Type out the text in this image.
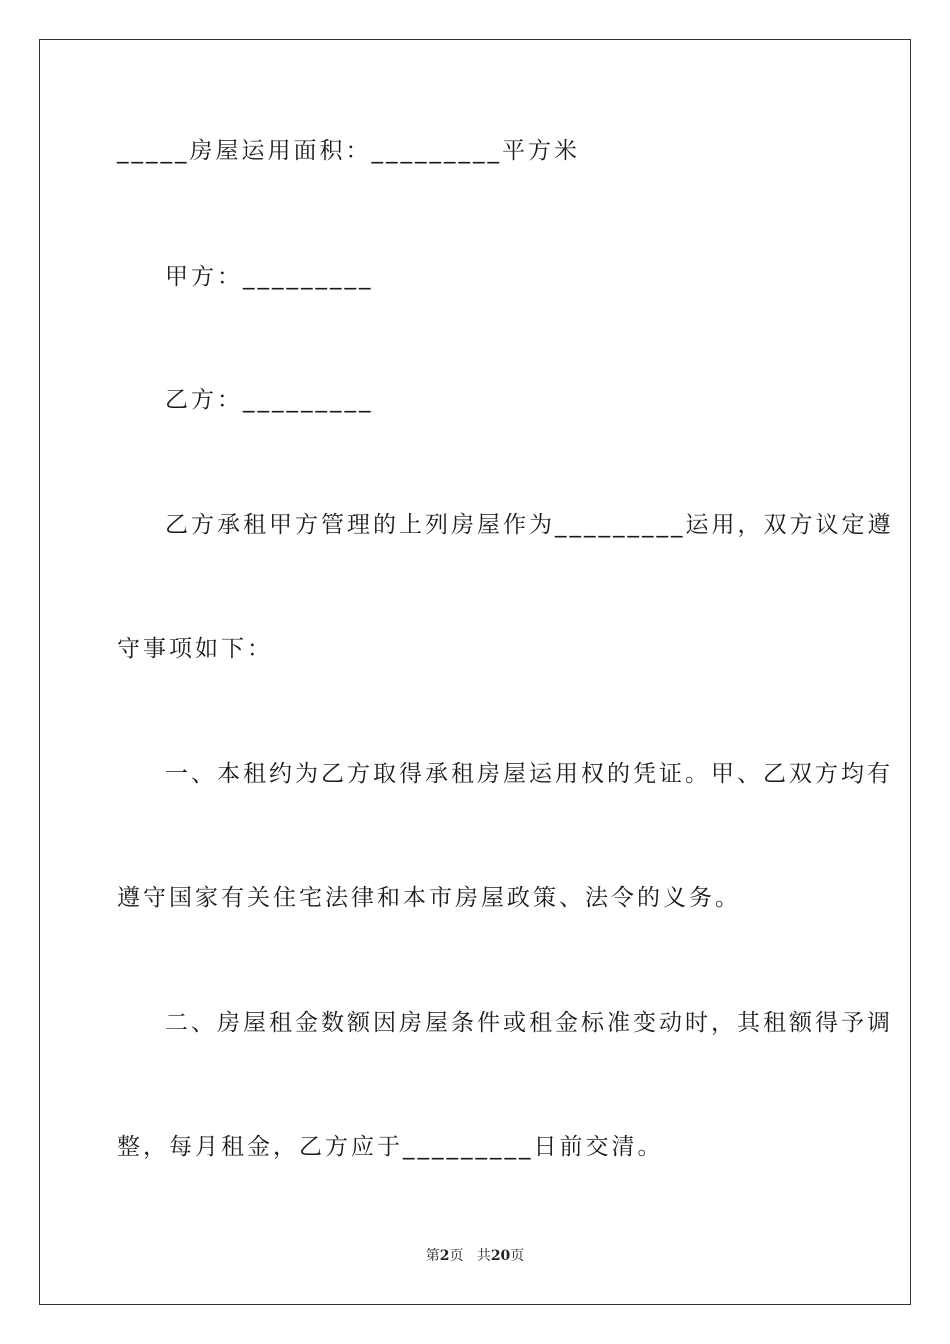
_____房屋运用面积：_________平方米
甲方：_________
乙方：_________
乙方承租甲方管理的上列房屋作为_________运用，双方议定遵
守事项如下：
一、本租约为乙方取得承租房屋运用权的凭证。甲、乙双方均有
遵守国家有关住宅法律和本市房屋政策、法令的义务。
二、房屋租金数额因房屋条件或租金标准变动时，其租额得予调
整，每月租金，乙方应于_________日前交清。
第2页 共20页
